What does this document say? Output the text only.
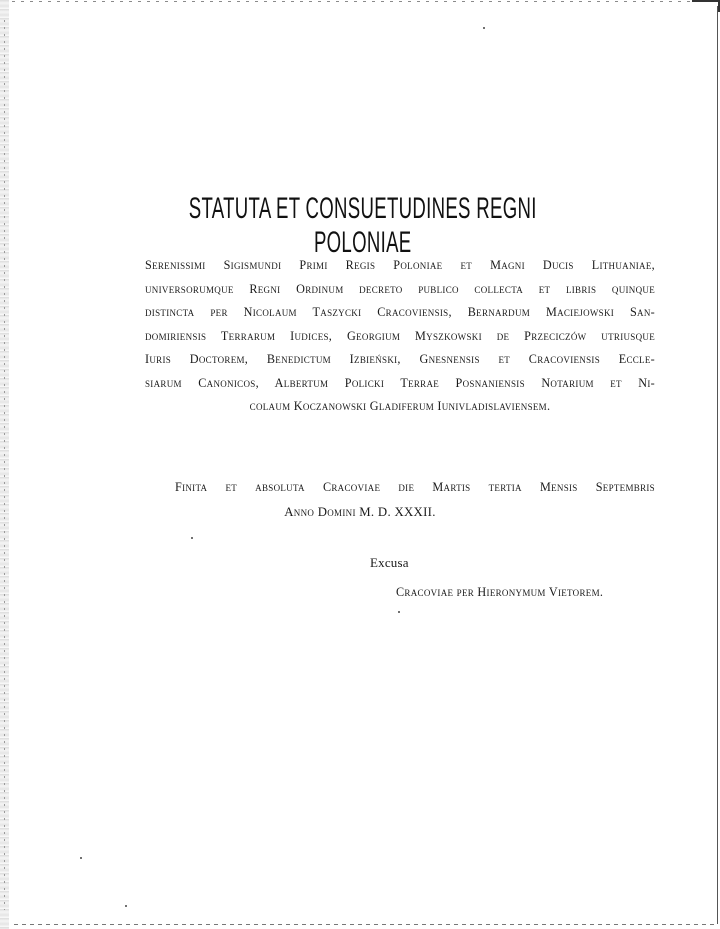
STATUTA ET CONSUETUDINES REGNI POLONIAE
Serenissimi Sigismundi Primi Regis Poloniae et Magni Ducis Lithuaniae,
universorumque Regni Ordinum decreto publico collecta et libris quinque
distincta per Nicolaum Taszycki Cracoviensis, Bernardum Maciejowski San-
domiriensis Terrarum Iudices, Georgium Myszkowski de Przeciczów utriusque
Iuris Doctorem, Benedictum Izbieński, Gnesnensis et Cracoviensis Eccle-
siarum Canonicos, Albertum Policki Terrae Posnaniensis Notarium et Ni-
colaum Koczanowski Gladiferum Iunivladislaviensem.
Finita et absoluta Cracoviae die Martis tertia Mensis Septembris
Anno Domini M. D. XXXII.
Excusa
Cracoviae per Hieronymum Vietorem.
